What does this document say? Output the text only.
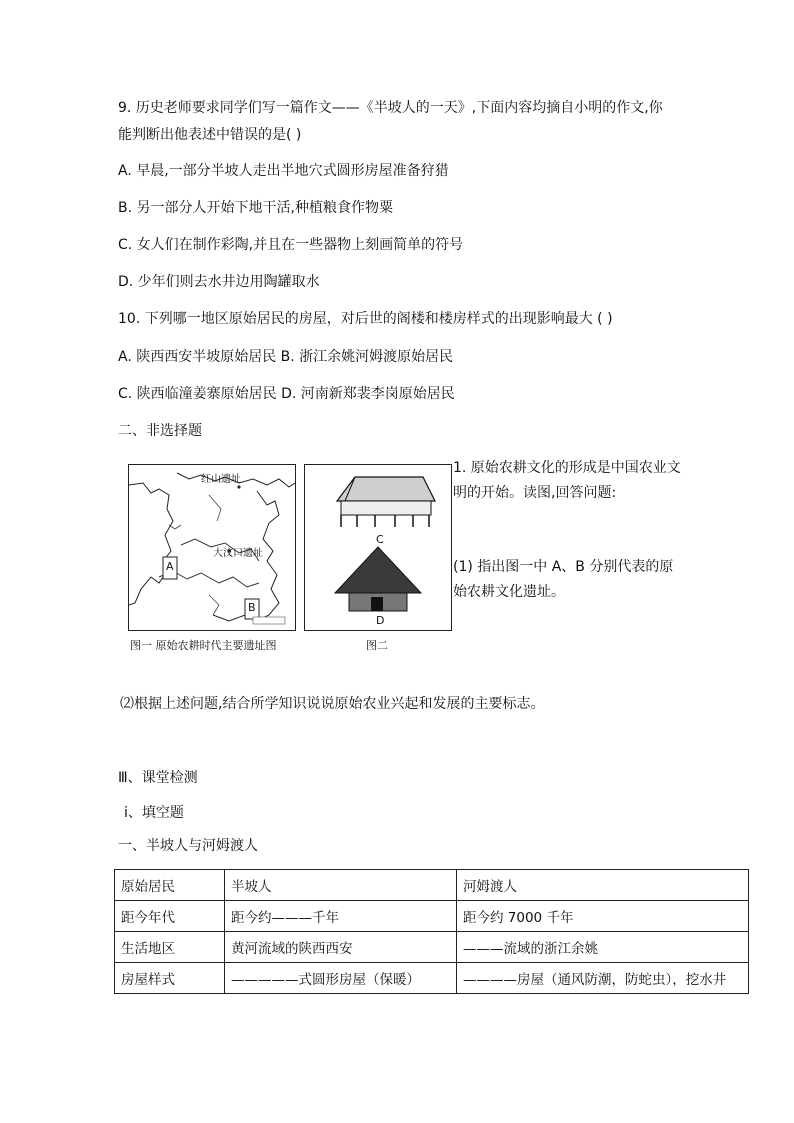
9. 历史老师要求同学们写一篇作文——《半坡人的一天》,下面内容均摘自小明的作文,你
能判断出他表述中错误的是( )
A. 早晨,一部分半坡人走出半地穴式圆形房屋准备狩猎
B. 另一部分人开始下地干活,种植粮食作物粟
C. 女人们在制作彩陶,并且在一些器物上刻画简单的符号
D. 少年们则去水井边用陶罐取水
10. 下列哪一地区原始居民的房屋，对后世的阁楼和楼房样式的出现影响最大 ( )
A. 陕西西安半坡原始居民 B. 浙江余姚河姆渡原始居民
C. 陕西临潼姜寨原始居民 D. 河南新郑裴李岗原始居民
二、非选择题
红山遗址
大汶口遗址
A
B
图一 原始农耕时代主要遗址图
C
D
图二
1. 原始农耕文化的形成是中国农业文明的开始。读图,回答问题:
(1) 指出图一中 A、B 分别代表的原始农耕文化遗址。
⑵根据上述问题,结合所学知识说说原始农业兴起和发展的主要标志。
Ⅲ、课堂检测
ⅰ、填空题
一、半坡人与河姆渡人
原始居民	半坡人	河姆渡人
距今年代	距今约———千年	距今约 7000 千年
生活地区	黄河流域的陕西西安	———流域的浙江余姚
房屋样式	—————式圆形房屋（保暖）	————房屋（通风防潮，防蛇虫），挖水井
